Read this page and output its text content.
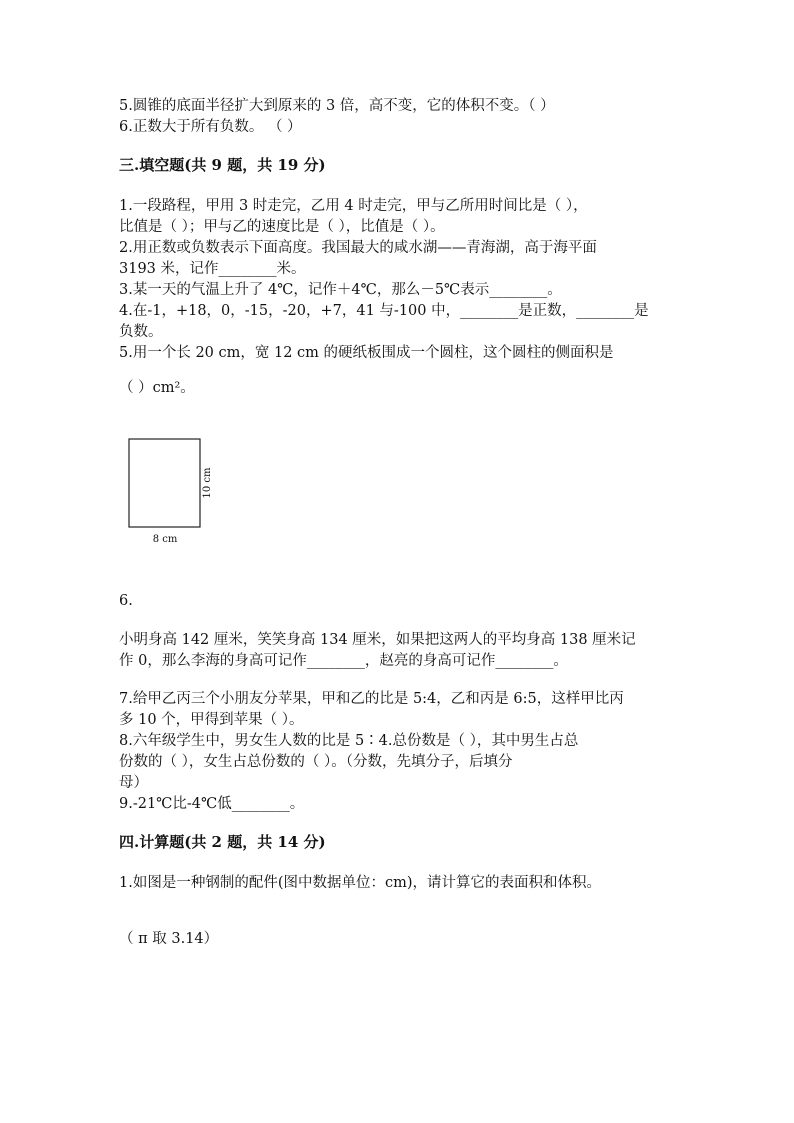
5.圆锥的底面半径扩大到原来的 3 倍，高不变，它的体积不变。（ ）
6.正数大于所有负数。 （ ）
三.填空题(共 9 题，共 19 分)
1.一段路程，甲用 3 时走完，乙用 4 时走完，甲与乙所用时间比是（ ），
比值是（ ）；甲与乙的速度比是（ ），比值是（ ）。
2.用正数或负数表示下面高度。我国最大的咸水湖——青海湖，高于海平面
3193 米，记作________米。
3.某一天的气温上升了 4℃，记作＋4℃，那么－5℃表示________。
4.在-1，+18，0，-15，-20，+7，41 与-100 中，________是正数，________是
负数。
5.用一个长 20 cm，宽 12 cm 的硬纸板围成一个圆柱，这个圆柱的侧面积是
（ ）cm²。
8 cm
10 cm
6.
小明身高 142 厘米，笑笑身高 134 厘米，如果把这两人的平均身高 138 厘米记
作 0，那么李海的身高可记作________，赵亮的身高可记作________。
7.给甲乙丙三个小朋友分苹果，甲和乙的比是 5:4，乙和丙是 6:5，这样甲比丙
多 10 个，甲得到苹果（ ）。
8.六年级学生中，男女生人数的比是 5∶4.总份数是（ ），其中男生占总
份数的（ ），女生占总份数的（ ）。（分数，先填分子，后填分
母）
9.-21℃比-4℃低________。
四.计算题(共 2 题，共 14 分)
1.如图是一种钢制的配件(图中数据单位：cm)，请计算它的表面积和体积。
（ π 取 3.14）
